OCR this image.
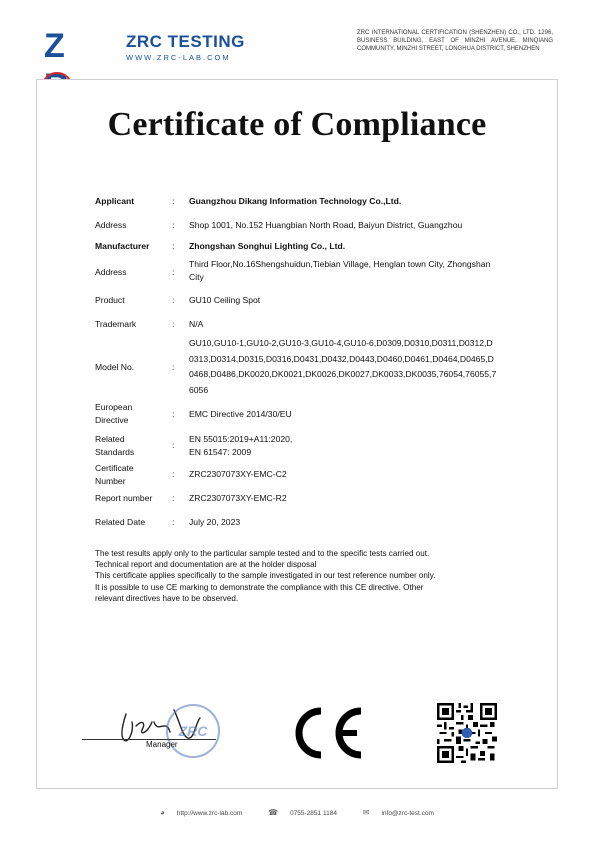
Z	ZRC TESTING
WWW.ZRC-LAB.COM
ZRC INTERNATIONAL CERTIFICATION (SHENZHEN) CO., LTD. 1296, BUSINESS BUILDING, EAST OF MINZHI AVENUE, MINQIANG COMMUNITY, MINZHI STREET, LONGHUA DISTRICT, SHENZHEN
Certificate of Compliance
Applicant	: Guangzhou Dikang Information Technology Co.,Ltd.
Address	: Shop 1001, No.152 Huangbian North Road, Baiyun District, Guangzhou
Manufacturer	: Zhongshan Songhui Lighting Co., Ltd.
Address	:
Third Floor,No.16Shengshuidun,Tiebian Village, Henglan town City, Zhongshan
City
Product	: GU10 Ceiling Spot
Trademark	: N/A
Model No.	:
GU10,GU10-1,GU10-2,GU10-3,GU10-4,GU10-6,D0309,D0310,D0311,D0312,D
0313,D0314,D0315,D0316,D0431,D0432,D0443,D0460,D0461,D0464,D0465,D
0468,D0486,DK0020,DK0021,DK0026,DK0027,DK0033,DK0035,76054,76055,7
6056
European
Directive
: EMC Directive 2014/30/EU
Related
Standards
:
EN 55015:2019+A11:2020,
EN 61547: 2009
Certificate
Number
: ZRC2307073XY-EMC-C2
Report number	: ZRC2307073XY-EMC-R2
Related Date	: July 20, 2023
The test results apply only to the particular sample tested and to the specific tests carried out.
Technical report and documentation are at the holder disposal
This certificate applies specifically to the sample investigated in our test reference number only.
It is possible to use CE marking to demonstrate the compliance with this CE directive. Other
relevant directives have to be observed.
ZRC
Manager
◕ http://www.zrc-lab.com	☎ 0755-2851 1184	✉ info@zrc-test.com
